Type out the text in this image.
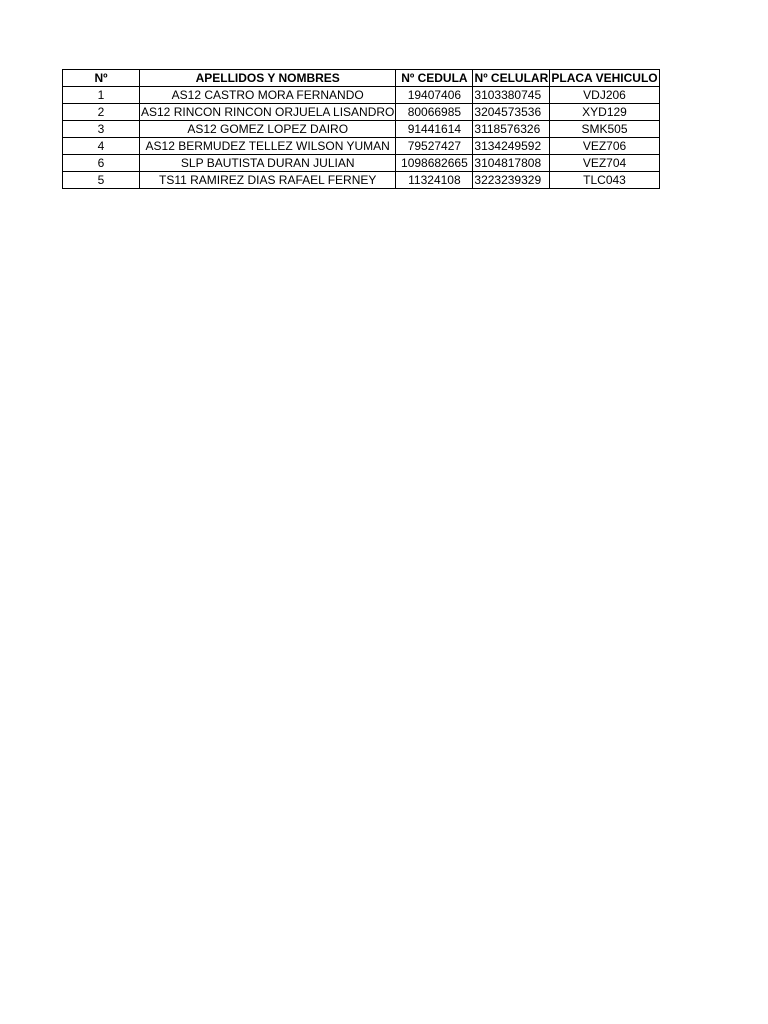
Nº	APELLIDOS Y NOMBRES	Nº CEDULA	Nº CELULAR	PLACA VEHICULO
1	AS12 CASTRO MORA FERNANDO	19407406	3103380745	VDJ206
2	AS12 RINCON RINCON ORJUELA LISANDRO	80066985	3204573536	XYD129
3	AS12 GOMEZ LOPEZ DAIRO	91441614	3118576326	SMK505
4	AS12 BERMUDEZ TELLEZ WILSON YUMAN	79527427	3134249592	VEZ706
6	SLP BAUTISTA DURAN JULIAN	1098682665	3104817808	VEZ704
5	TS11 RAMIREZ DIAS RAFAEL FERNEY	11324108	3223239329	TLC043
